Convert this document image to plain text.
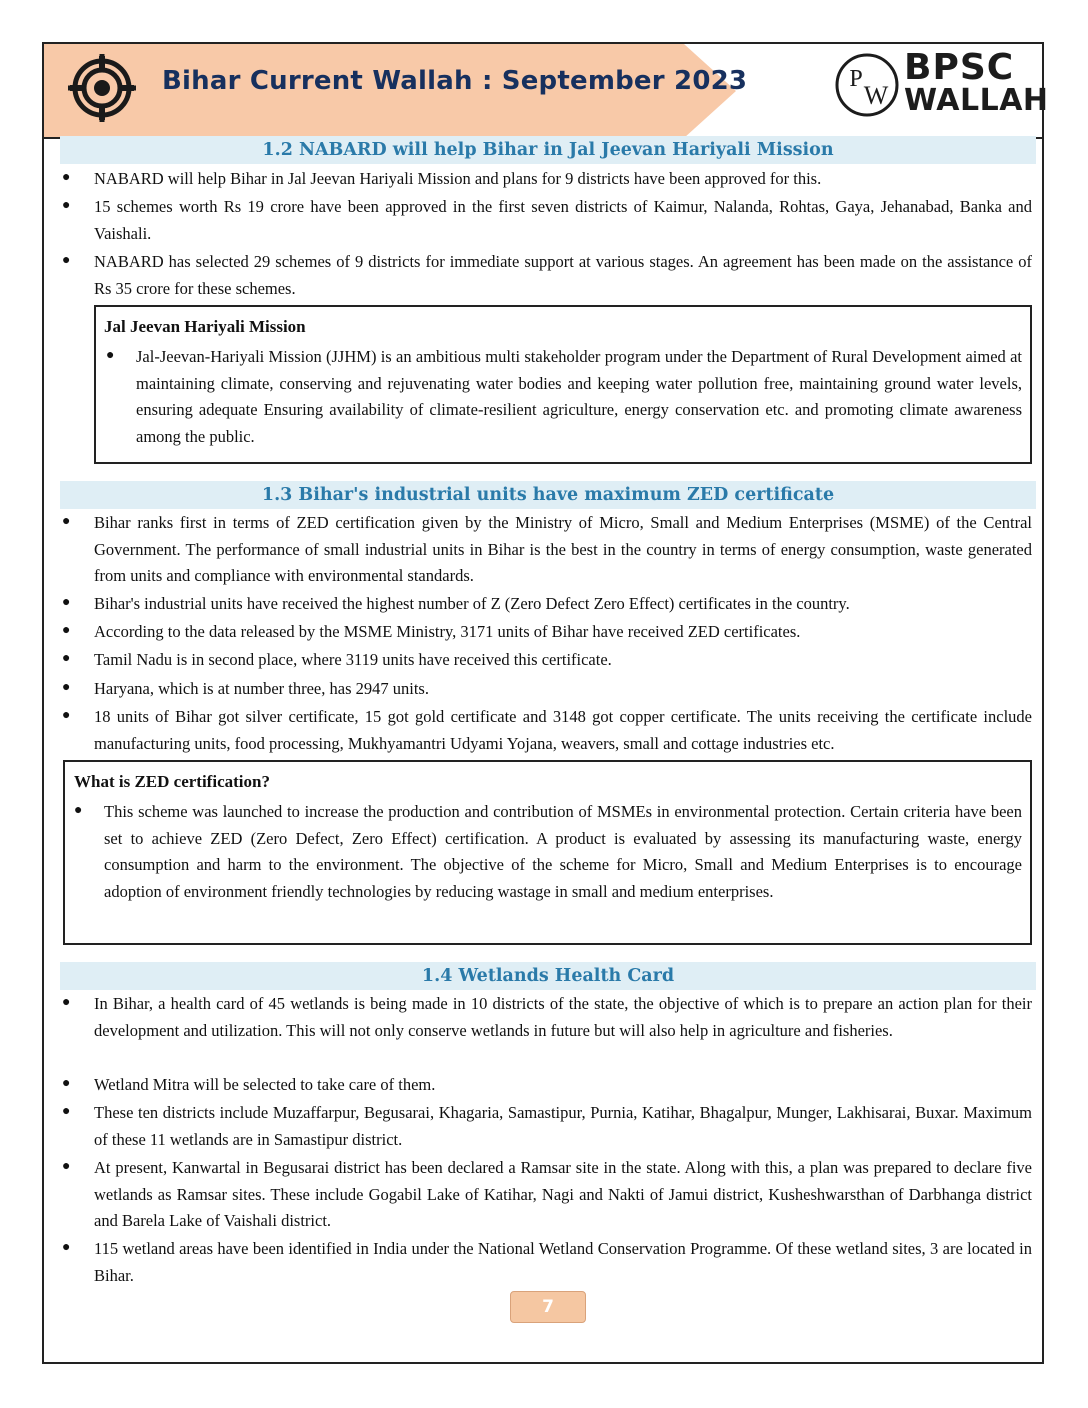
Bihar Current Wallah : September 2023	P
W
BPSC
WALLAH
1.2 NABARD will help Bihar in Jal Jeevan Hariyali Mission
● NABARD will help Bihar in Jal Jeevan Hariyali Mission and plans for 9 districts have been approved for this.
● 15 schemes worth Rs 19 crore have been approved in the first seven districts of Kaimur, Nalanda, Rohtas, Gaya, Jehanabad, Banka and Vaishali.
● NABARD has selected 29 schemes of 9 districts for immediate support at various stages. An agreement has been made on the assistance of Rs 35 crore for these schemes.
Jal Jeevan Hariyali Mission
● Jal-Jeevan-Hariyali Mission (JJHM) is an ambitious multi stakeholder program under the Department of Rural Development aimed at maintaining climate, conserving and rejuvenating water bodies and keeping water pollution free, maintaining ground water levels, ensuring adequate Ensuring availability of climate-resilient agriculture, energy conservation etc. and promoting climate awareness among the public.
1.3 Bihar's industrial units have maximum ZED certificate
● Bihar ranks first in terms of ZED certification given by the Ministry of Micro, Small and Medium Enterprises (MSME) of the Central Government. The performance of small industrial units in Bihar is the best in the country in terms of energy consumption, waste generated from units and compliance with environmental standards.
● Bihar's industrial units have received the highest number of Z (Zero Defect Zero Effect) certificates in the country.
● According to the data released by the MSME Ministry, 3171 units of Bihar have received ZED certificates.
● Tamil Nadu is in second place, where 3119 units have received this certificate.
● Haryana, which is at number three, has 2947 units.
● 18 units of Bihar got silver certificate, 15 got gold certificate and 3148 got copper certificate. The units receiving the certificate include manufacturing units, food processing, Mukhyamantri Udyami Yojana, weavers, small and cottage industries etc.
What is ZED certification?
● This scheme was launched to increase the production and contribution of MSMEs in environmental protection. Certain criteria have been set to achieve ZED (Zero Defect, Zero Effect) certification. A product is evaluated by assessing its manufacturing waste, energy consumption and harm to the environment. The objective of the scheme for Micro, Small and Medium Enterprises is to encourage adoption of environment friendly technologies by reducing wastage in small and medium enterprises.
1.4 Wetlands Health Card
● In Bihar, a health card of 45 wetlands is being made in 10 districts of the state, the objective of which is to prepare an action plan for their development and utilization. This will not only conserve wetlands in future but will also help in agriculture and fisheries.
● Wetland Mitra will be selected to take care of them.
● These ten districts include Muzaffarpur, Begusarai, Khagaria, Samastipur, Purnia, Katihar, Bhagalpur, Munger, Lakhisarai, Buxar. Maximum of these 11 wetlands are in Samastipur district.
● At present, Kanwartal in Begusarai district has been declared a Ramsar site in the state. Along with this, a plan was prepared to declare five wetlands as Ramsar sites. These include Gogabil Lake of Katihar, Nagi and Nakti of Jamui district, Kusheshwarsthan of Darbhanga district and Barela Lake of Vaishali district.
● 115 wetland areas have been identified in India under the National Wetland Conservation Programme. Of these wetland sites, 3 are located in Bihar.
7
